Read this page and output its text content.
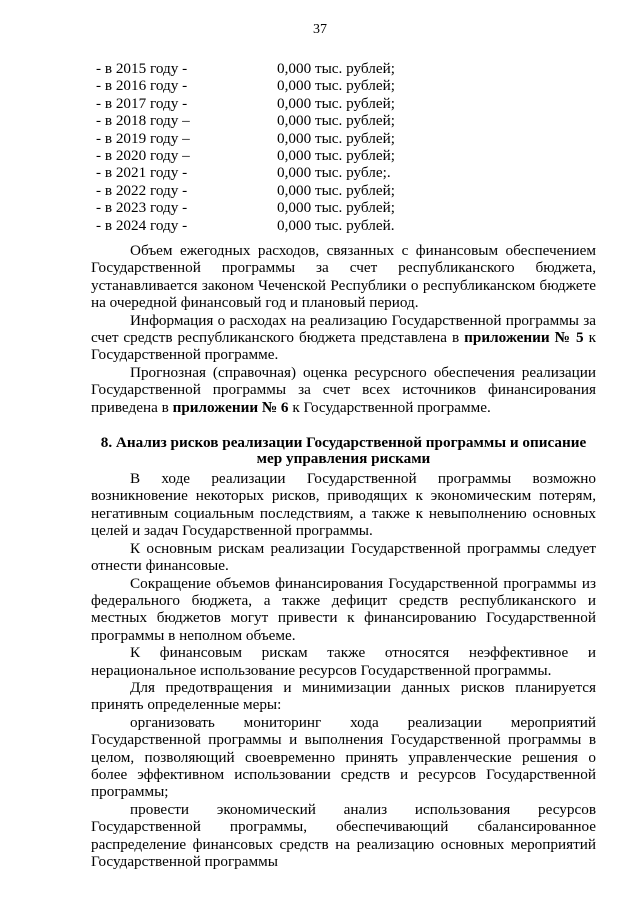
37
- в 2015 году -	0,000 тыс. рублей;
- в 2016 году -	0,000 тыс. рублей;
- в 2017 году -	0,000 тыс. рублей;
- в 2018 году –	0,000 тыс. рублей;
- в 2019 году –	0,000 тыс. рублей;
- в 2020 году –	0,000 тыс. рублей;
- в 2021 году -	0,000 тыс. рубле;.
- в 2022 году -	0,000 тыс. рублей;
- в 2023 году -	0,000 тыс. рублей;
- в 2024 году -	0,000 тыс. рублей.

Объем ежегодных расходов, связанных с финансовым обеспечением Государственной программы за счет республиканского бюджета, устанавливается законом Чеченской Республики о республиканском бюджете на очередной финансовый год и плановый период.

Информация о расходах на реализацию Государственной программы за счет средств республиканского бюджета представлена в приложении № 5 к Государственной программе.

Прогнозная (справочная) оценка ресурсного обеспечения реализации Государственной программы за счет всех источников финансирования приведена в приложении № 6 к Государственной программе.

8. Анализ рисков реализации Государственной программы и описание
мер управления рисками

В ходе реализации Государственной программы возможно возникновение некоторых рисков, приводящих к экономическим потерям, негативным социальным последствиям, а также к невыполнению основных целей и задач Государственной программы.

К основным рискам реализации Государственной программы следует отнести финансовые.

Сокращение объемов финансирования Государственной программы из федерального бюджета, а также дефицит средств республиканского и местных бюджетов могут привести к финансированию Государственной программы в неполном объеме.

К финансовым рискам также относятся неэффективное и нерациональное использование ресурсов Государственной программы.

Для предотвращения и минимизации данных рисков планируется принять определенные меры:

организовать мониторинг хода реализации мероприятий Государственной программы и выполнения Государственной программы в целом, позволяющий своевременно принять управленческие решения о более эффективном использовании средств и ресурсов Государственной программы;

провести экономический анализ использования ресурсов Государственной программы, обеспечивающий сбалансированное распределение финансовых средств на реализацию основных мероприятий Государственной программы
